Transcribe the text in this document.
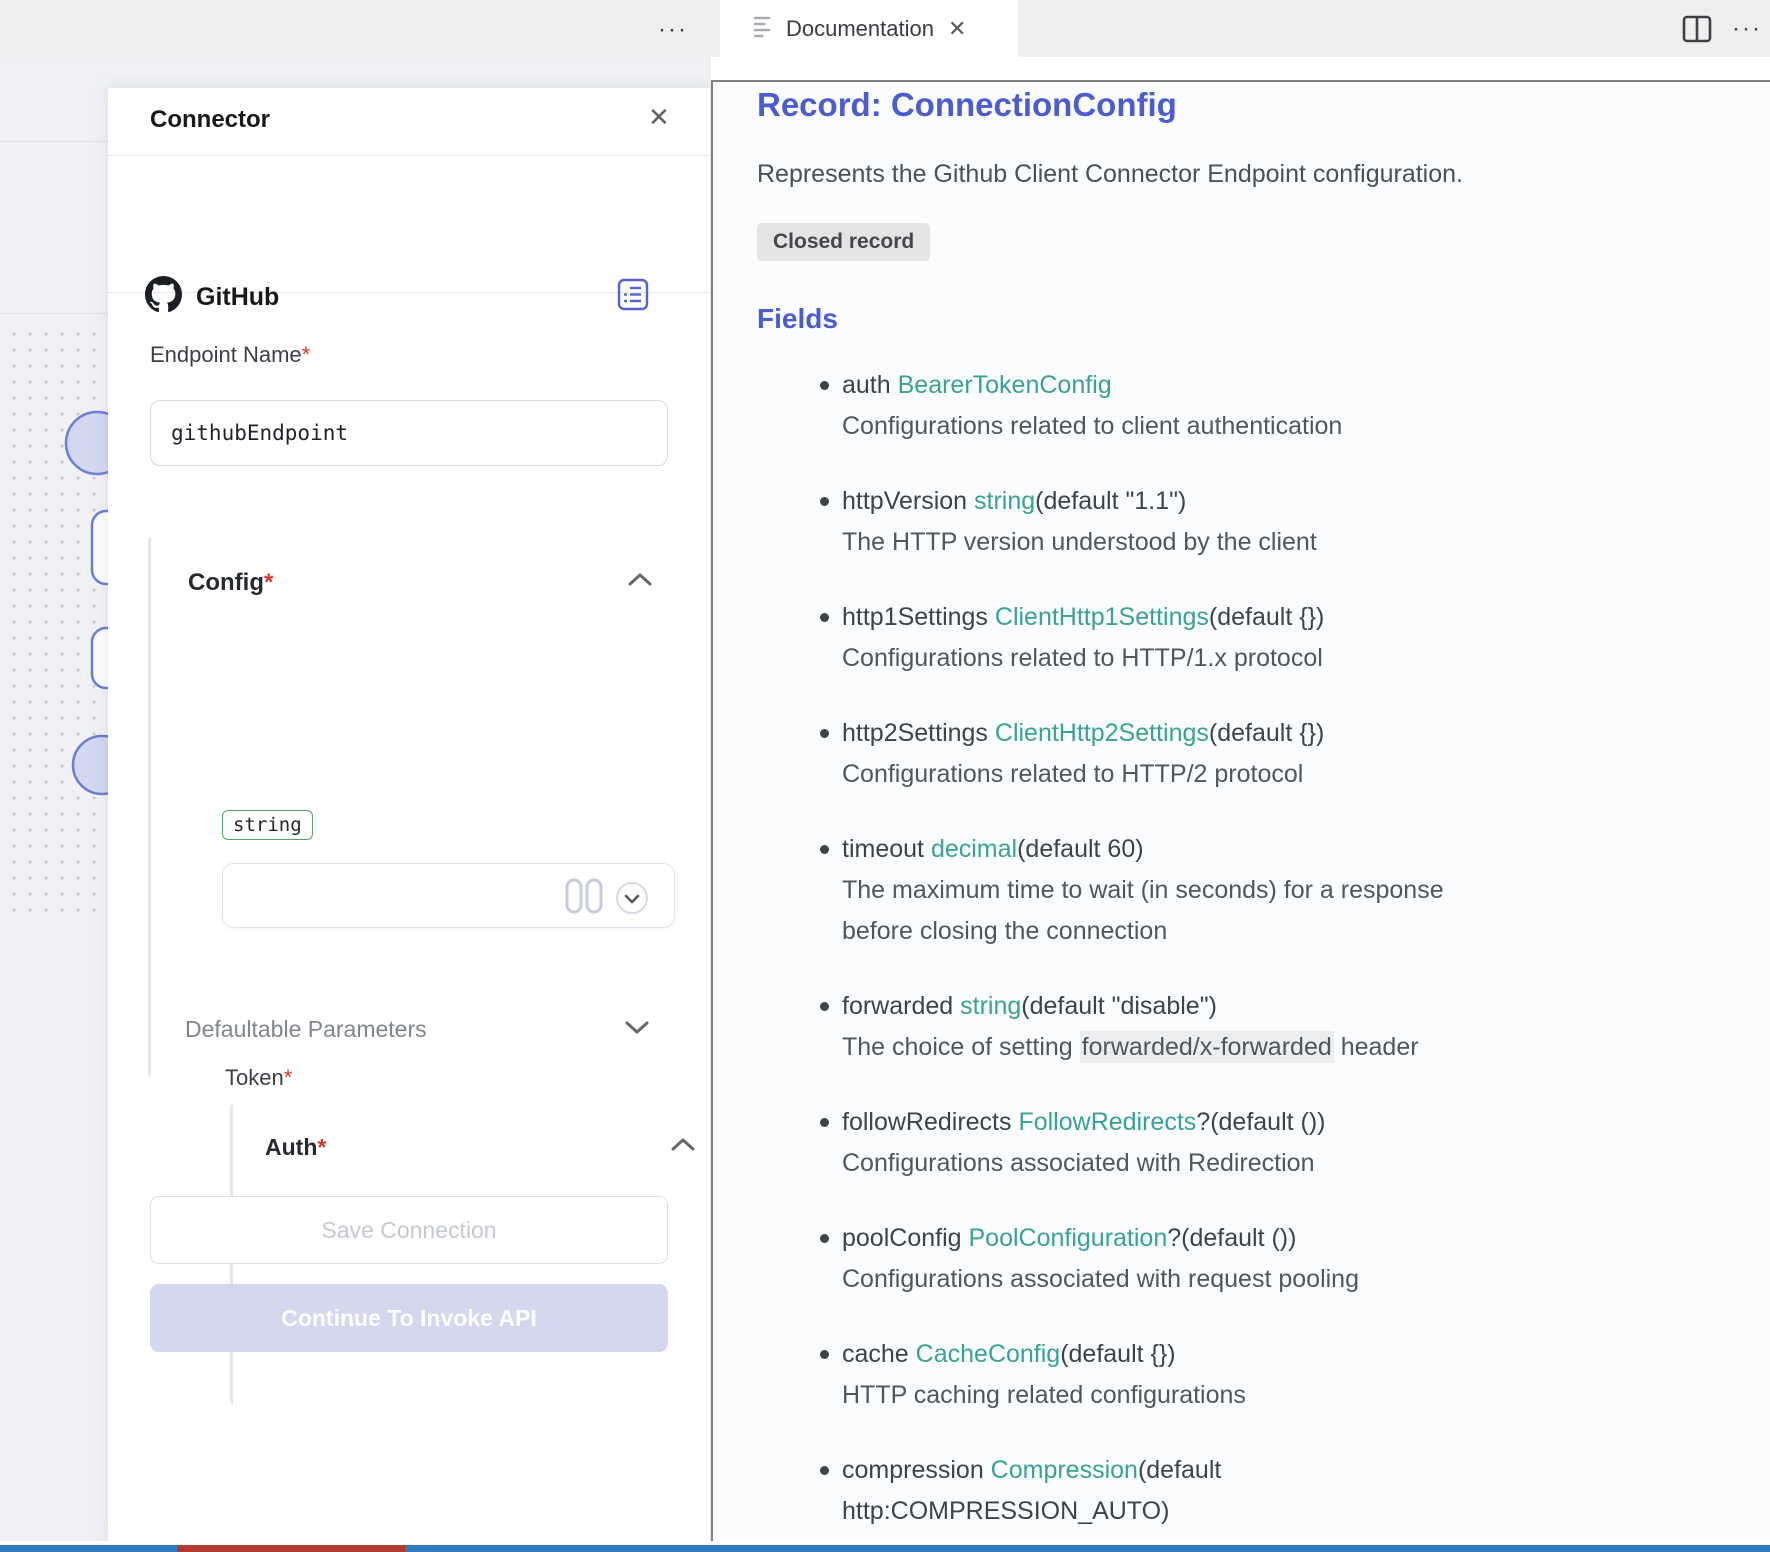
···	Documentation ✕	···
Connector	✕
GitHub
Endpoint Name*
githubEndpoint
Config*
Auth*
Token*
string
Defaultable Parameters
Save Connection
Continue To Invoke API
Record: ConnectionConfig
Represents the Github Client Connector Endpoint configuration.
Closed record
Fields
auth BearerTokenConfig
Configurations related to client authentication
httpVersion string(default "1.1")
The HTTP version understood by the client
http1Settings ClientHttp1Settings(default {})
Configurations related to HTTP/1.x protocol
http2Settings ClientHttp2Settings(default {})
Configurations related to HTTP/2 protocol
timeout decimal(default 60)
The maximum time to wait (in seconds) for a response
before closing the connection
forwarded string(default "disable")
The choice of setting forwarded/x-forwarded header
followRedirects FollowRedirects?(default ())
Configurations associated with Redirection
poolConfig PoolConfiguration?(default ())
Configurations associated with request pooling
cache CacheConfig(default {})
HTTP caching related configurations
compression Compression(default
http:COMPRESSION_AUTO)
